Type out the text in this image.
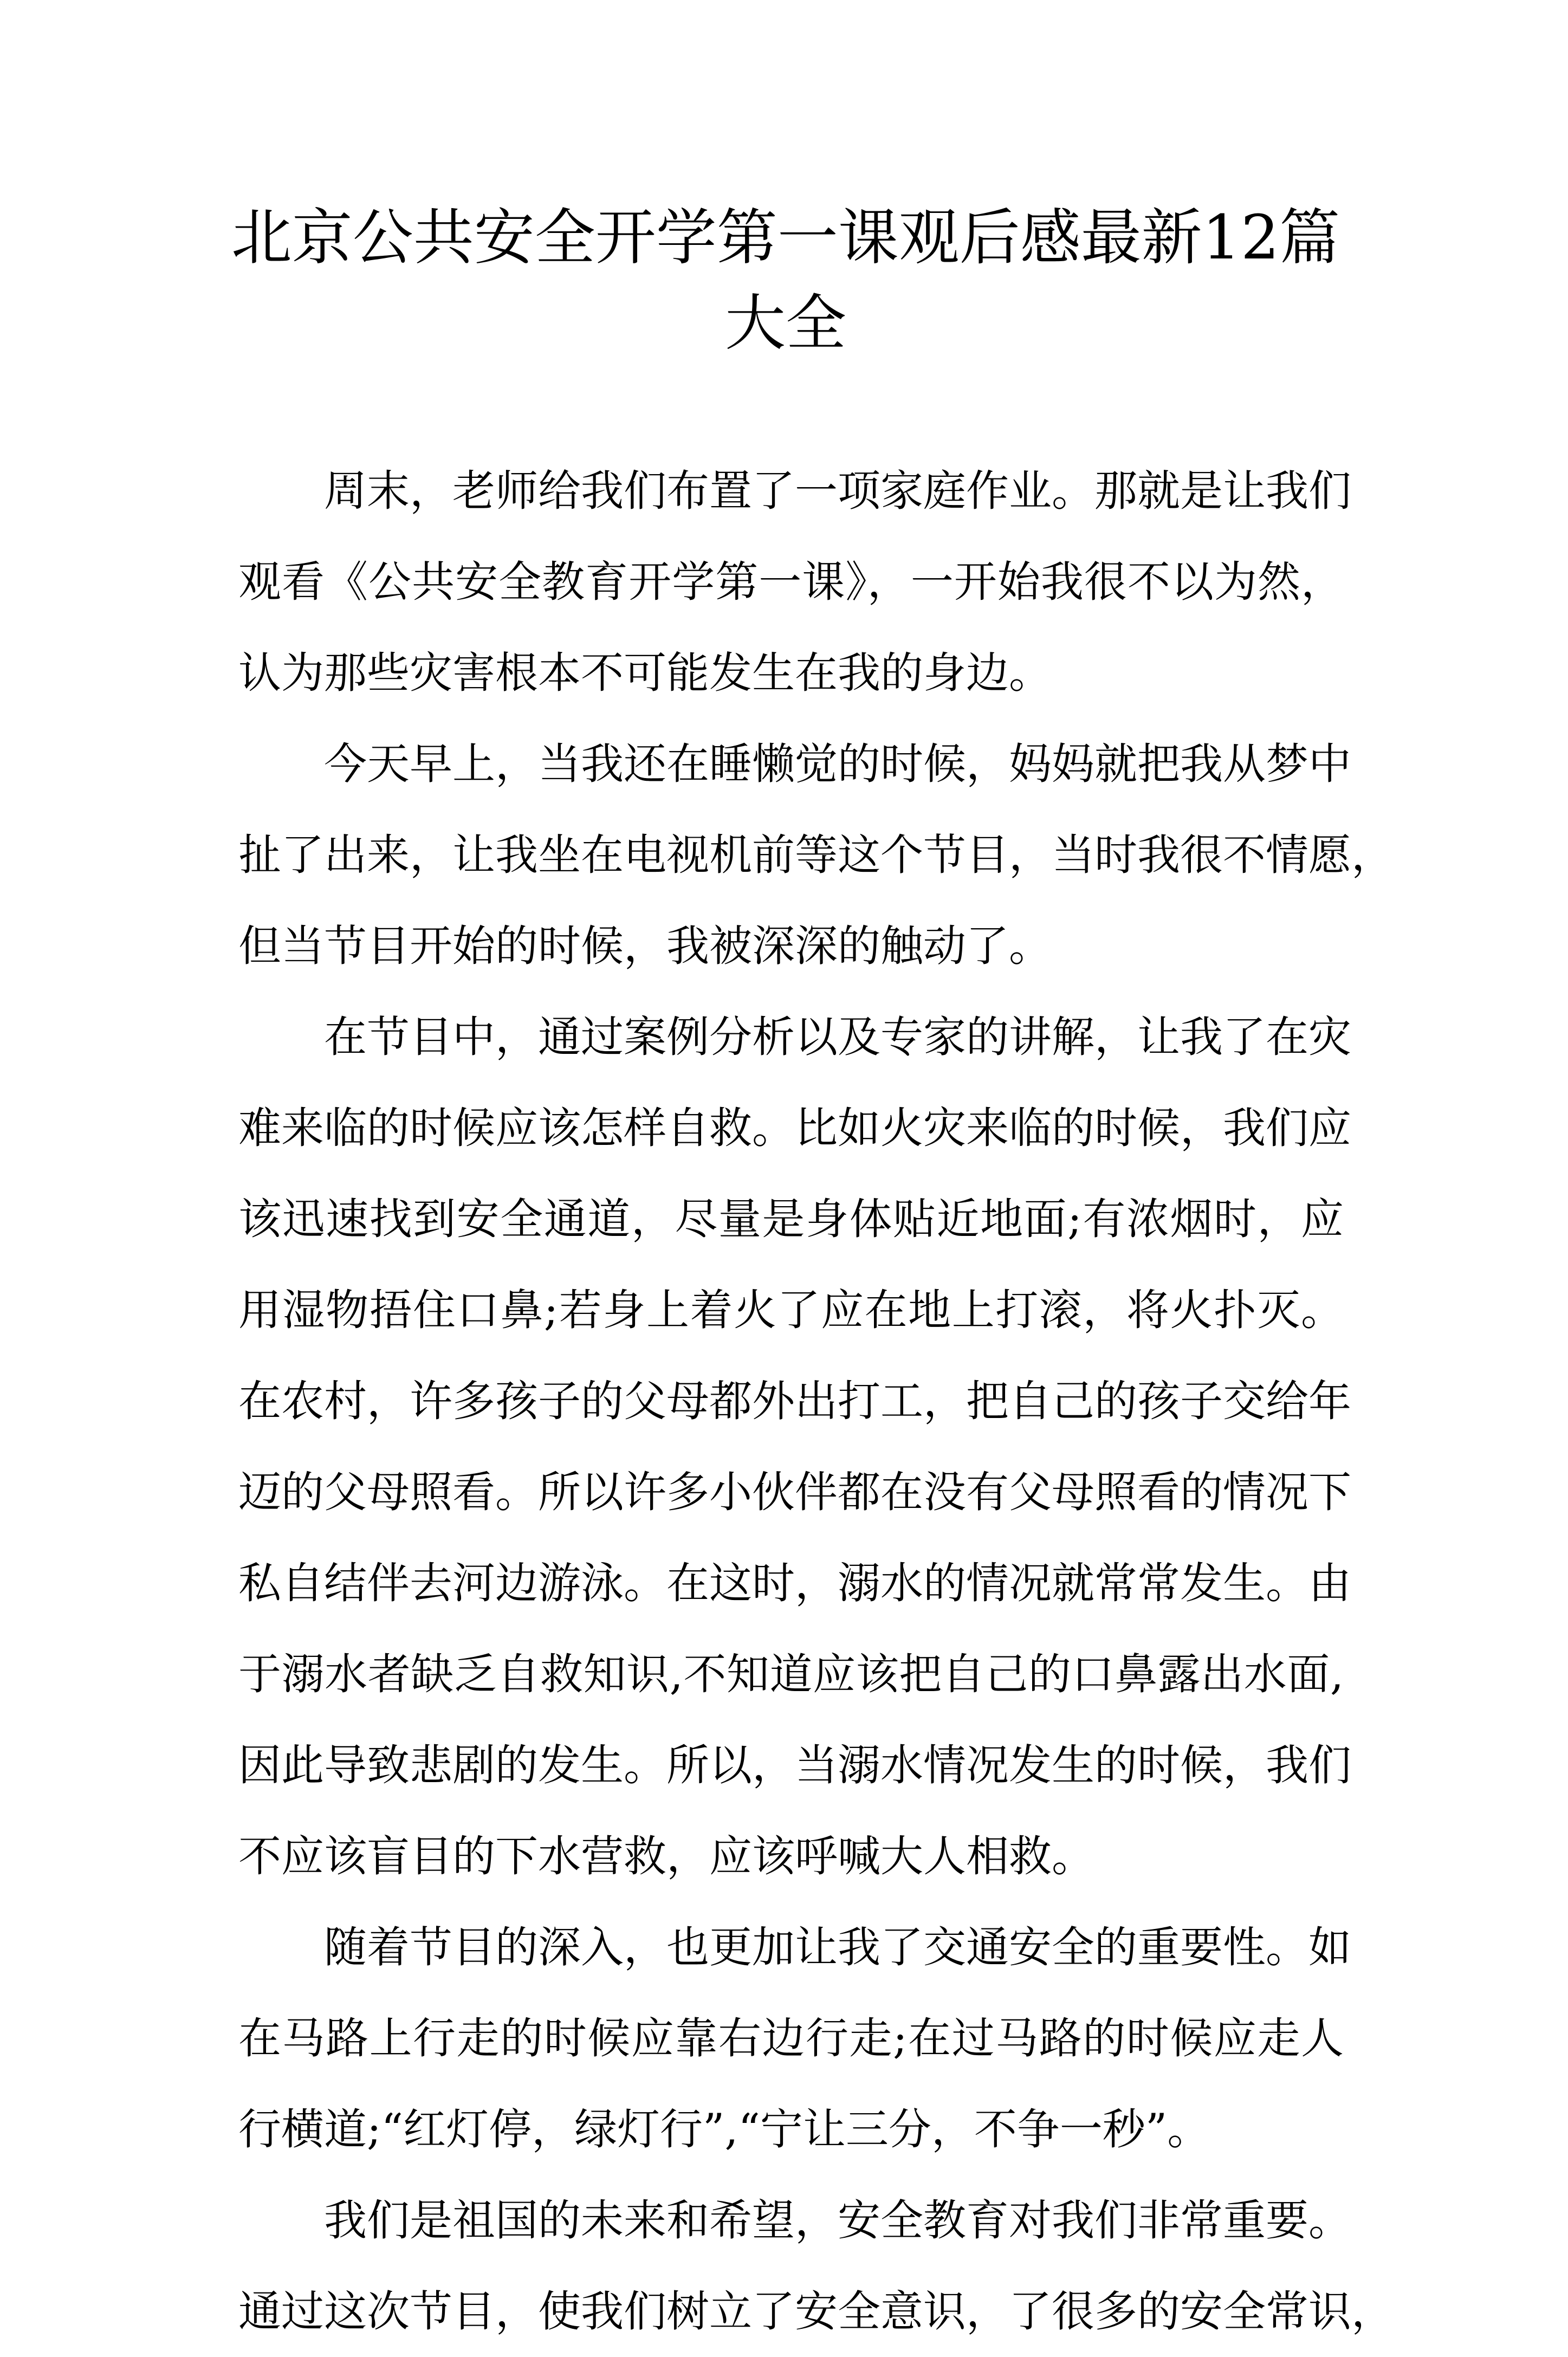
北京公共安全开学第一课观后感最新12篇
大全

周末，老师给我们布置了一项家庭作业。那就是让我们
观看《公共安全教育开学第一课》，一开始我很不以为然，
认为那些灾害根本不可能发生在我的身边。

今天早上，当我还在睡懒觉的时候，妈妈就把我从梦中
扯了出来，让我坐在电视机前等这个节目，当时我很不情愿，
但当节目开始的时候，我被深深的触动了。

在节目中，通过案例分析以及专家的讲解，让我了在灾
难来临的时候应该怎样自救。比如火灾来临的时候，我们应
该迅速找到安全通道，尽量是身体贴近地面;有浓烟时，应
用湿物捂住口鼻;若身上着火了应在地上打滚，将火扑灭。
在农村，许多孩子的父母都外出打工，把自己的孩子交给年
迈的父母照看。所以许多小伙伴都在没有父母照看的情况下
私自结伴去河边游泳。在这时，溺水的情况就常常发生。由
于溺水者缺乏自救知识,不知道应该把自己的口鼻露出水面,
因此导致悲剧的发生。所以，当溺水情况发生的时候，我们
不应该盲目的下水营救，应该呼喊大人相救。

随着节目的深入，也更加让我了交通安全的重要性。如
在马路上行走的时候应靠右边行走;在过马路的时候应走人
行横道;“红灯停，绿灯行”,“宁让三分，不争一秒”。

我们是祖国的未来和希望，安全教育对我们非常重要。
通过这次节目，使我们树立了安全意识，了很多的安全常识，
